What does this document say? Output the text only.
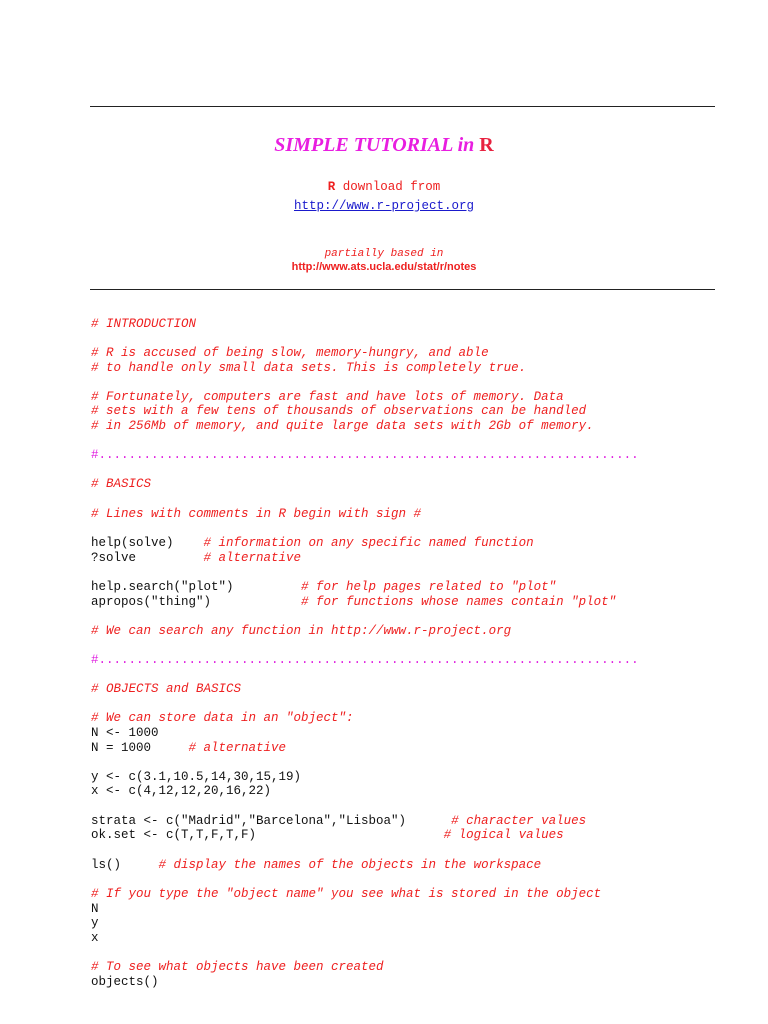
SIMPLE TUTORIAL in R
R download from
http://www.r-project.org
partially based in
http://www.ats.ucla.edu/stat/r/notes
# INTRODUCTION
# R is accused of being slow, memory-hungry, and able
# to handle only small data sets. This is completely true.
# Fortunately, computers are fast and have lots of memory. Data
# sets with a few tens of thousands of observations can be handled
# in 256Mb of memory, and quite large data sets with 2Gb of memory.
#........................................................................
# BASICS
# Lines with comments in R begin with sign #
help(solve)    # information on any specific named function
?solve         # alternative
help.search("plot")         # for help pages related to "plot"
apropos("thing")            # for functions whose names contain "plot"
# We can search any function in http://www.r-project.org
#........................................................................
# OBJECTS and BASICS
# We can store data in an "object":
N <- 1000
N = 1000     # alternative
y <- c(3.1,10.5,14,30,15,19)
x <- c(4,12,12,20,16,22)
strata <- c("Madrid","Barcelona","Lisboa")      # character values
ok.set <- c(T,T,F,T,F)                         # logical values
ls()     # display the names of the objects in the workspace
# If you type the "object name" you see what is stored in the object
N
y
x
# To see what objects have been created
objects()
